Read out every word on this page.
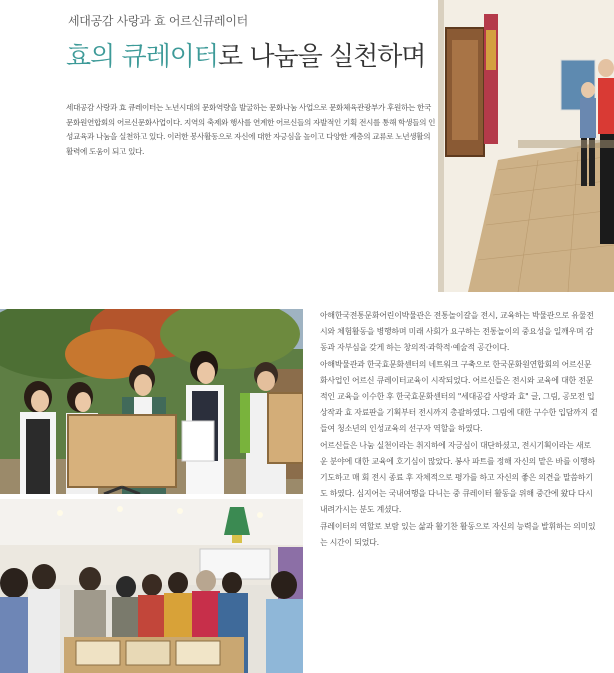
세대공감 사랑과 효 어르신큐레이터
효의 큐레이터로 나눔을 실천하며
세대공감 사랑과 효 큐레이터는 노년시대의 문화역량을 발굴하는 문화나눔 사업으로 문화체육관광부가 후원하는 한국문화원연합회의 어르신문화사업이다. 지역의 축제와 행사를 연계한 어르신들의 자발적인 기획 전시를 통해 학생들의 인성교육과 나눔을 실천하고 있다. 이러한 봉사활동으로 자신에 대한 자긍심을 높이고 다양한 계층의 교류로 노년생활의 활력에 도움이 되고 있다.

아해한국전통문화어린이박물관은 전통놀이갈을 전시, 교육하는 박물관으로 유물전시와 체험활동을 병행하며 미래 사회가 요구하는 전통놀이의 중요성을 일깨우며 감동과 자부심을 갖게 하는 창의적·과학적·예술적 공간이다.

아해박물관과 한국효문화센터의 네트워크 구축으로 한국문화원연합회의 어르신문화사업인 어르신 큐레이터교육이 시작되었다. 어르신들은 전시와 교육에 대한 전문적인 교육을 이수한 후 한국효문화센터의 "세대공감 사랑과 효" 글, 그림, 공모전 입상작과 효 자료판을 기획부터 전시까지 총괄하였다. 그림에 대한 구수한 입담까지 곁들여 청소년의 인성교육의 선구자 역할을 하였다.

어르신들은 나눔 실천이라는 취지하에 자긍심이 대단하셨고, 전시기획이라는 새로운 분야에 대한 교육에 호기심이 많았다. 봉사 파트를 정해 자신의 맡은 바를 이행하기도하고 매 회 전시 종료 후 자체적으로 평가를 하고 자신의 좋은 의견을 말씀하기도 하였다. 심지어는 국내여행을 다니는 중 큐레이터 활동을 위해 중간에 왔다 다시 내려가시는 분도 계셨다.

큐레이터의 역할로 보람 있는 삶과 활기찬 활동으로 자신의 능력을 발휘하는 의미있는 시간이 되었다.
